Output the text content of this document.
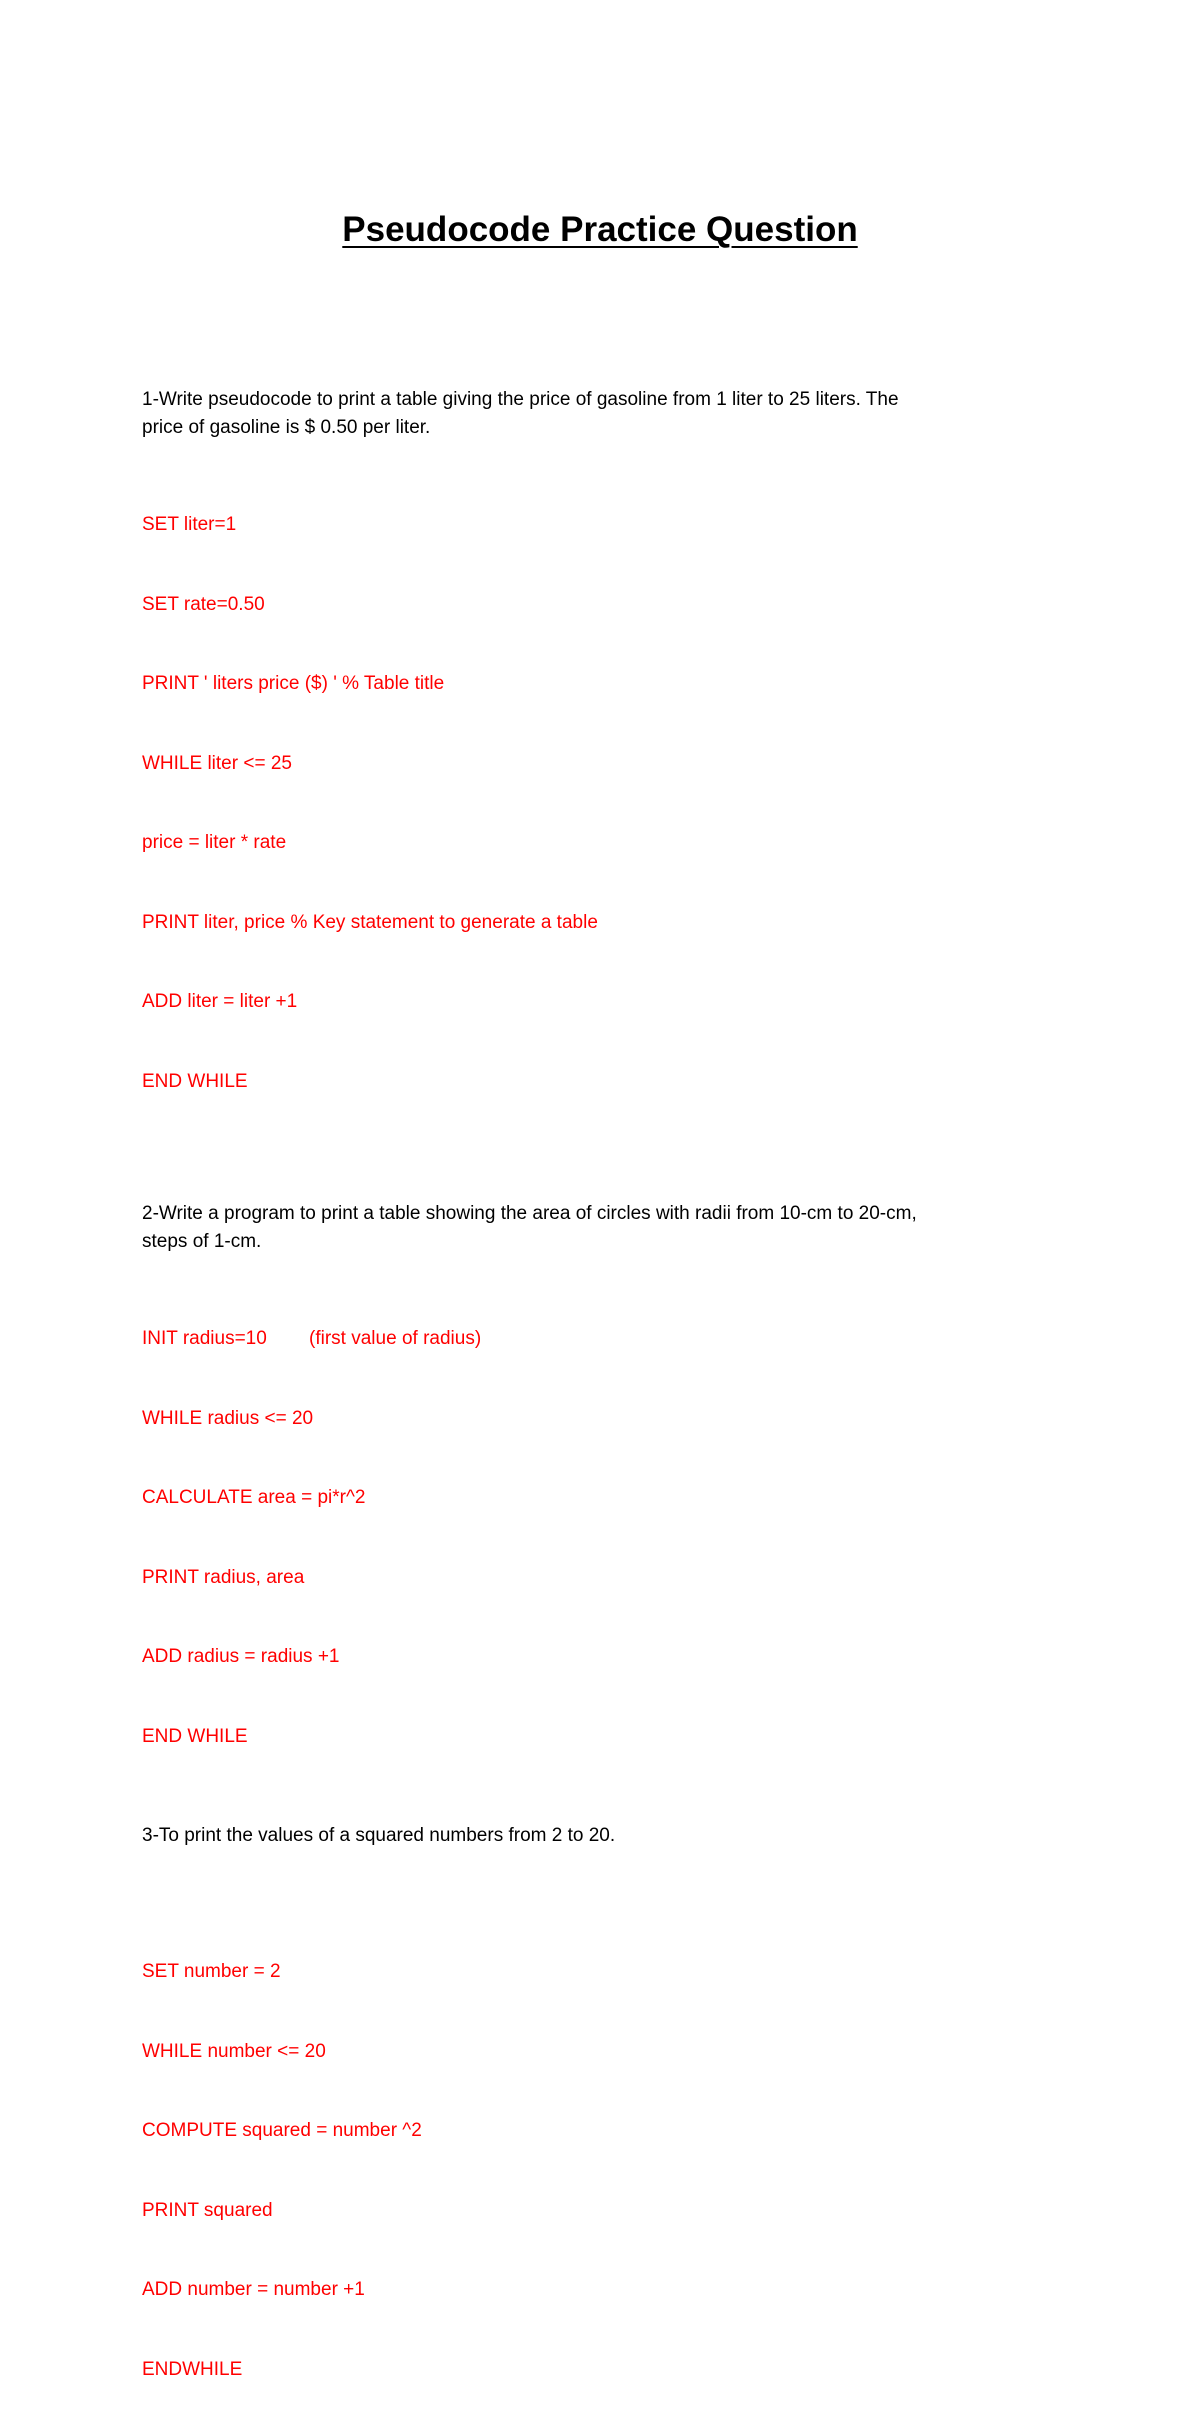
Pseudocode Practice Question

1-Write pseudocode to print a table giving the price of gasoline from 1 liter to 25 liters. The
price of gasoline is $ 0.50 per liter.

SET liter=1

SET rate=0.50

PRINT ' liters price ($) ' % Table title

WHILE liter <= 25

price = liter * rate

PRINT liter, price % Key statement to generate a table

ADD liter = liter +1

END WHILE

2-Write a program to print a table showing the area of circles with radii from 10-cm to 20-cm,
steps of 1-cm.

INIT radius=10        (first value of radius)

WHILE radius <= 20

CALCULATE area = pi*r^2

PRINT radius, area

ADD radius = radius +1

END WHILE

3-To print the values of a squared numbers from 2 to 20.

SET number = 2

WHILE number <= 20

COMPUTE squared = number ^2

PRINT squared

ADD number = number +1

ENDWHILE
